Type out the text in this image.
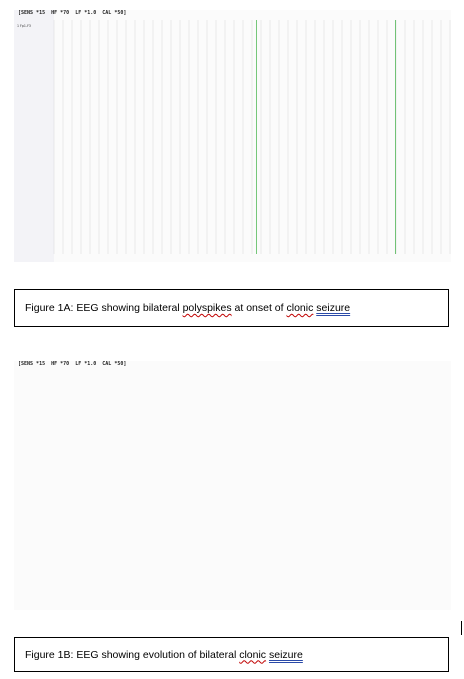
[SENS *15  HF *70  LF *1.0  CAL *50]
1 Fp1-F3
Figure 1A: EEG showing bilateral polyspikes at onset of clonic seizure
[SENS *15  HF *70  LF *1.0  CAL *50]
Figure 1B: EEG showing evolution of bilateral clonic seizure
